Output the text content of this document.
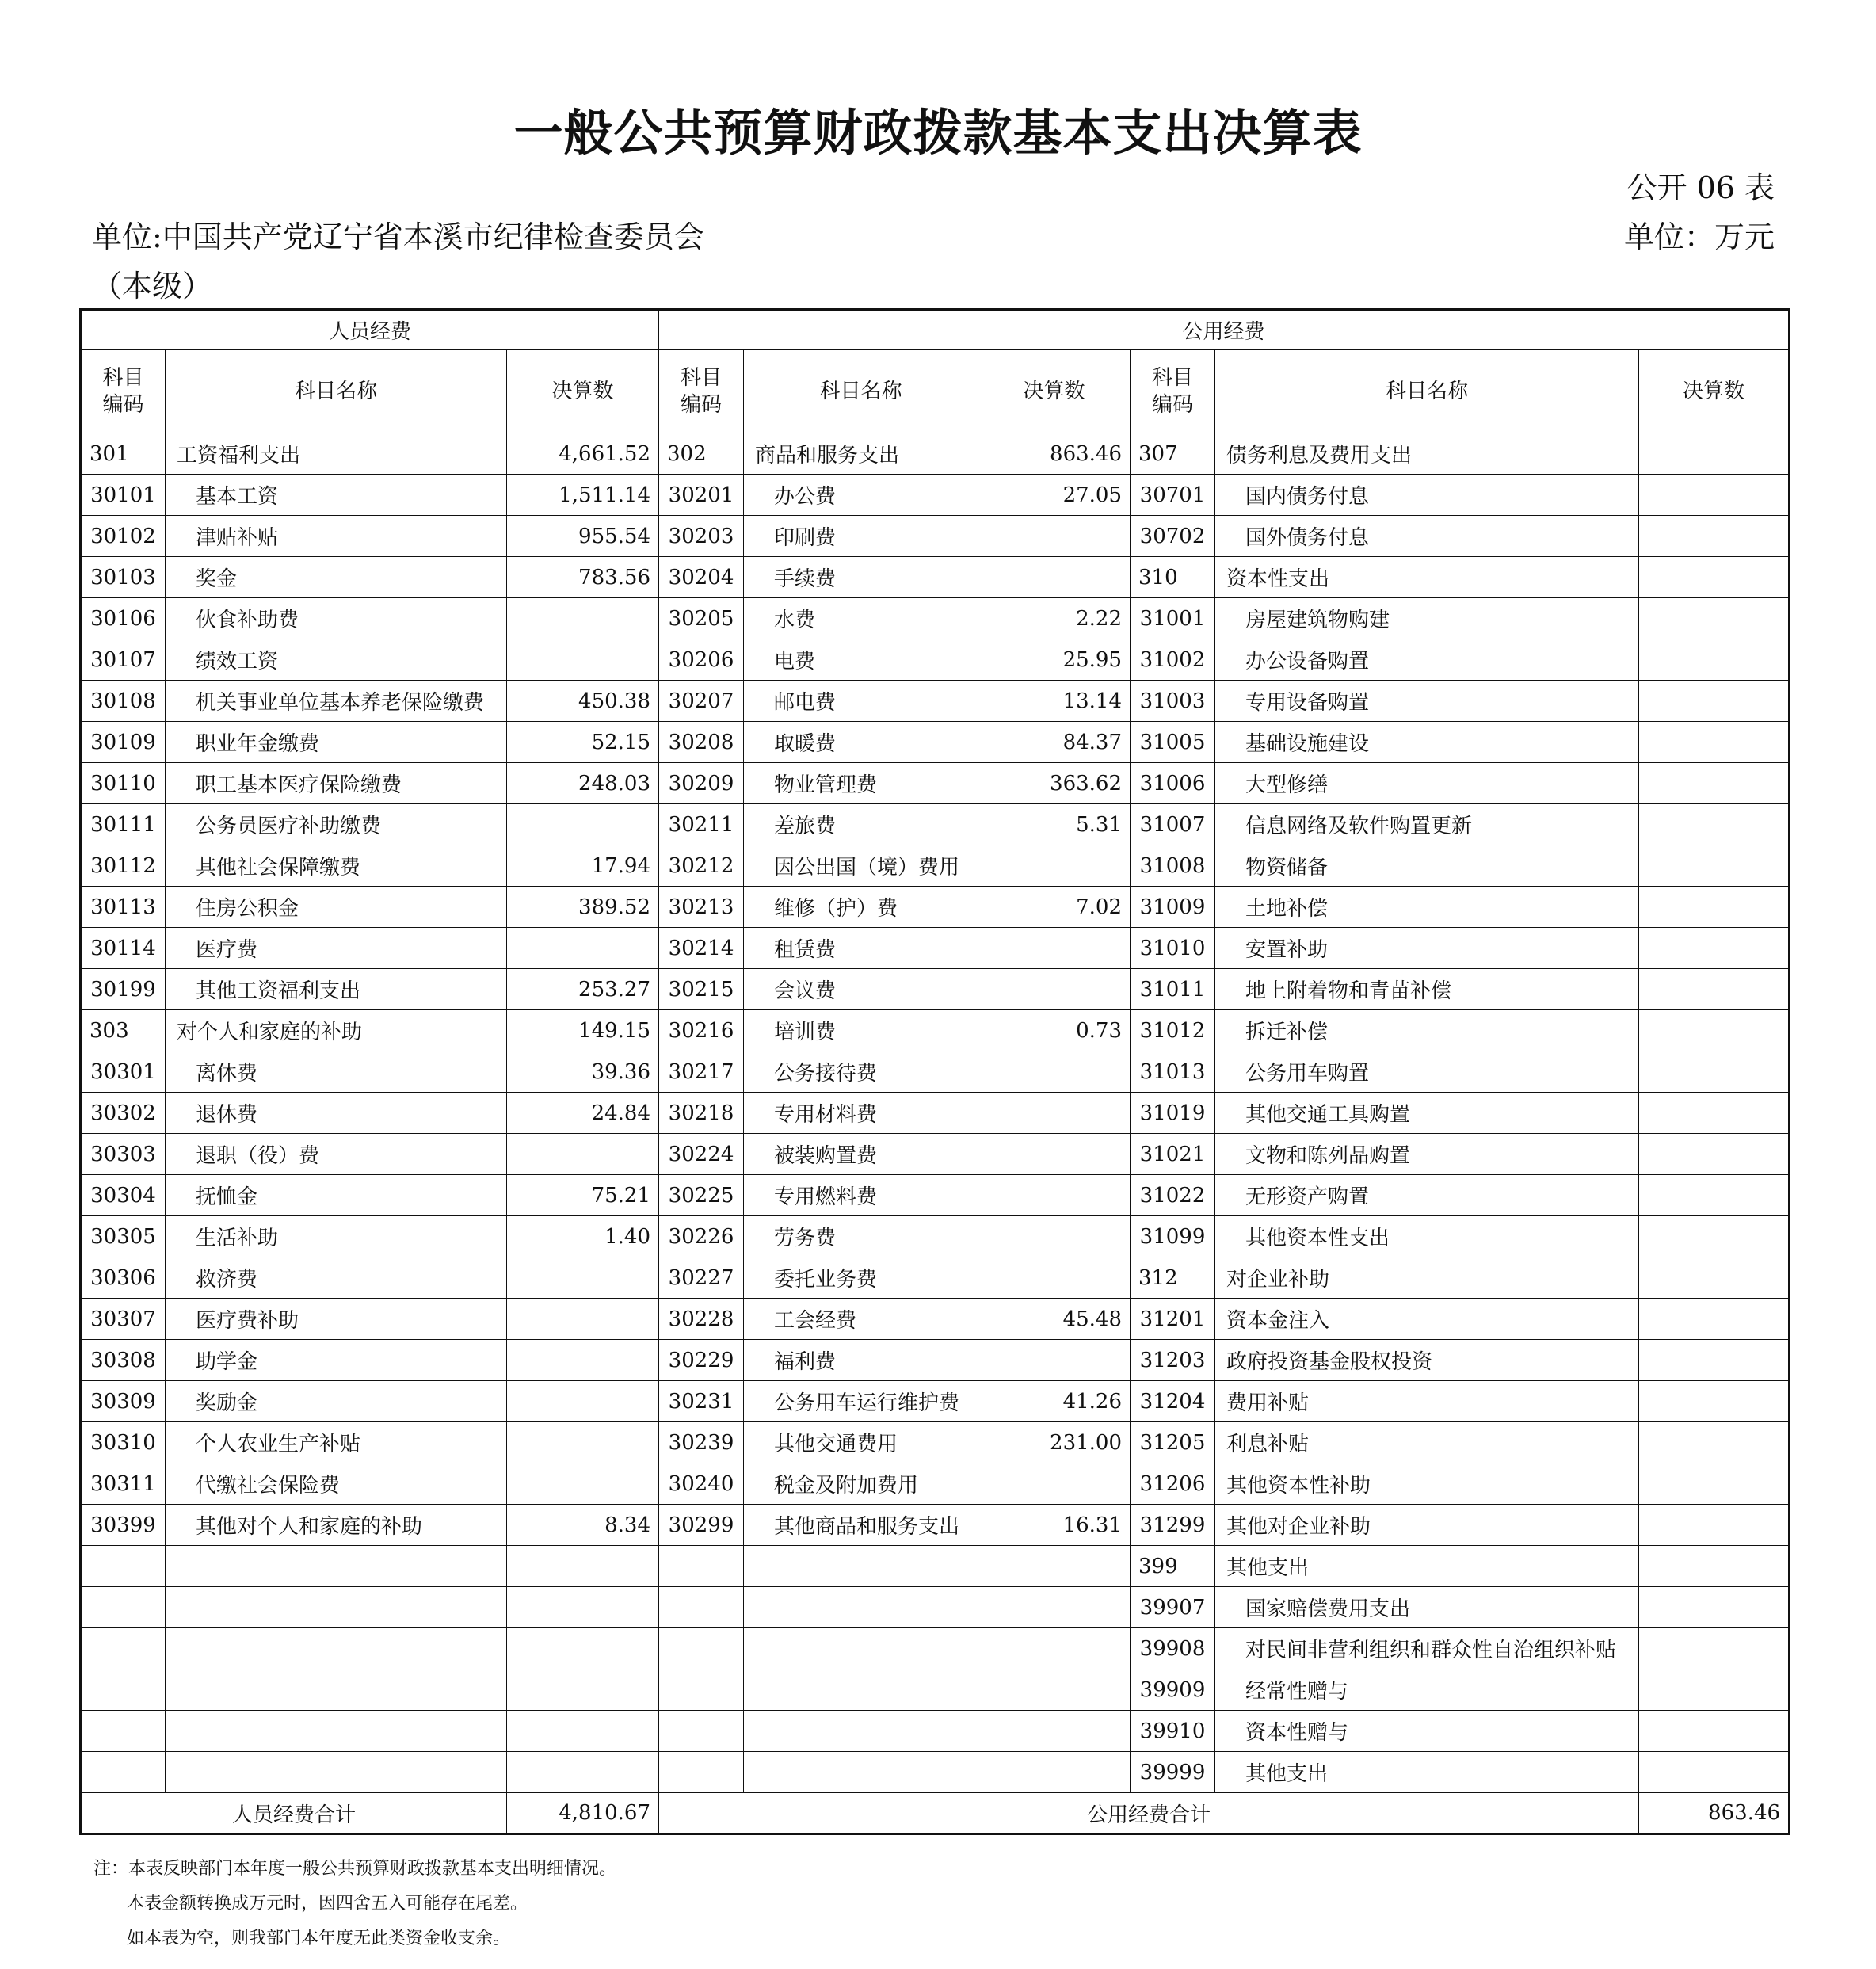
一般公共预算财政拨款基本支出决算表
公开 06 表
单位:中国共产党辽宁省本溪市纪律检查委员会
（本级）
单位：万元
人员经费			公用经费					
科目
编码	科目名称	决算数	科目
编码	科目名称	决算数	科目
编码	科目名称	决算数
301	工资福利支出	4,661.52	302	商品和服务支出	863.46	307	债务利息及费用支出	
30101	基本工资	1,511.14	30201	办公费	27.05	30701	国内债务付息	
30102	津贴补贴	955.54	30203	印刷费		30702	国外债务付息	
30103	奖金	783.56	30204	手续费		310	资本性支出	
30106	伙食补助费		30205	水费	2.22	31001	房屋建筑物购建	
30107	绩效工资		30206	电费	25.95	31002	办公设备购置	
30108	机关事业单位基本养老保险缴费	450.38	30207	邮电费	13.14	31003	专用设备购置	
30109	职业年金缴费	52.15	30208	取暖费	84.37	31005	基础设施建设	
30110	职工基本医疗保险缴费	248.03	30209	物业管理费	363.62	31006	大型修缮	
30111	公务员医疗补助缴费		30211	差旅费	5.31	31007	信息网络及软件购置更新	
30112	其他社会保障缴费	17.94	30212	因公出国（境）费用		31008	物资储备	
30113	住房公积金	389.52	30213	维修（护）费	7.02	31009	土地补偿	
30114	医疗费		30214	租赁费		31010	安置补助	
30199	其他工资福利支出	253.27	30215	会议费		31011	地上附着物和青苗补偿	
303	对个人和家庭的补助	149.15	30216	培训费	0.73	31012	拆迁补偿	
30301	离休费	39.36	30217	公务接待费		31013	公务用车购置	
30302	退休费	24.84	30218	专用材料费		31019	其他交通工具购置	
30303	退职（役）费		30224	被装购置费		31021	文物和陈列品购置	
30304	抚恤金	75.21	30225	专用燃料费		31022	无形资产购置	
30305	生活补助	1.40	30226	劳务费		31099	其他资本性支出	
30306	救济费		30227	委托业务费		312	对企业补助	
30307	医疗费补助		30228	工会经费	45.48	31201	资本金注入	
30308	助学金		30229	福利费		31203	政府投资基金股权投资	
30309	奖励金		30231	公务用车运行维护费	41.26	31204	费用补贴	
30310	个人农业生产补贴		30239	其他交通费用	231.00	31205	利息补贴	
30311	代缴社会保险费		30240	税金及附加费用		31206	其他资本性补助	
30399	其他对个人和家庭的补助	8.34	30299	其他商品和服务支出	16.31	31299	其他对企业补助	
						399	其他支出	
						39907	国家赔偿费用支出	
						39908	对民间非营利组织和群众性自治组织补贴	
						39909	经常性赠与	
						39910	资本性赠与	
						39999	其他支出	
人员经费合计		4,810.67	公用经费合计					863.46
注：本表反映部门本年度一般公共预算财政拨款基本支出明细情况。
本表金额转换成万元时，因四舍五入可能存在尾差。
如本表为空，则我部门本年度无此类资金收支余。
